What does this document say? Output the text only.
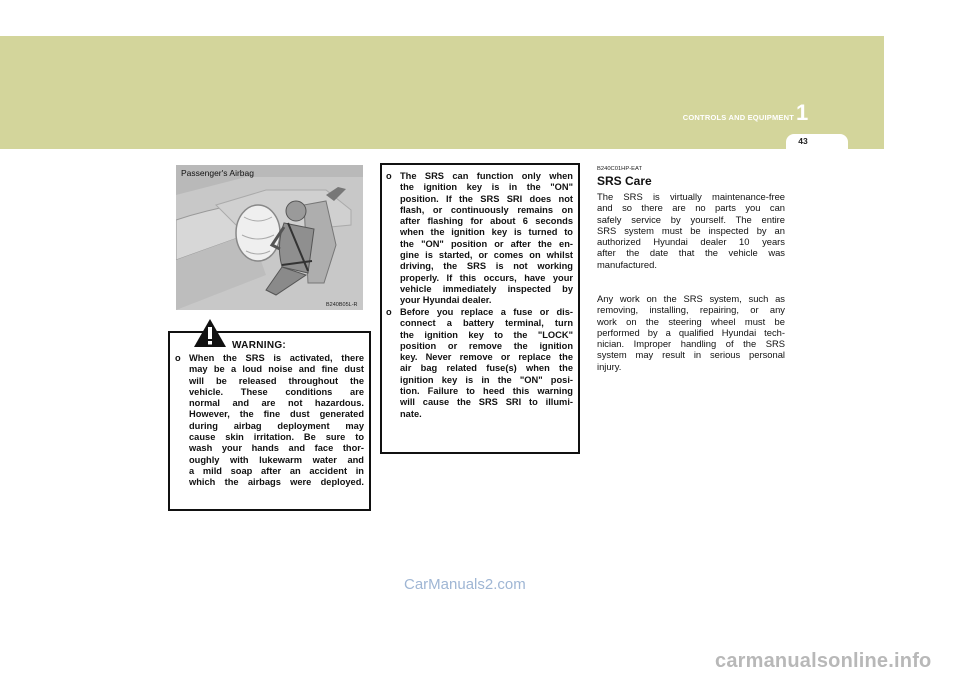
CONTROLS AND EQUIPMENT 1
43
Passenger's Airbag
B240B05L-R
WARNING:
o When the SRS is activated, there
may be a loud noise and fine dust
will be released throughout the
vehicle. These conditions are
normal and are not hazardous.
However, the fine dust generated
during airbag deployment may
cause skin irritation. Be sure to
wash your hands and face thor-
oughly with lukewarm water and
a mild soap after an accident in
which the airbags were deployed.
o The SRS can function only when
the ignition key is in the "ON"
position. If the SRS SRI does not
flash, or continuously remains on
after flashing for about 6 seconds
when the ignition key is turned to
the "ON" position or after the en-
gine is started, or comes on whilst
driving, the SRS is not working
properly. If this occurs, have your
vehicle immediately inspected by
your Hyundai dealer.
o Before you replace a fuse or dis-
connect a battery terminal, turn
the ignition key to the "LOCK"
position or remove the ignition
key. Never remove or replace the
air bag related fuse(s) when the
ignition key is in the "ON" posi-
tion. Failure to heed this warning
will cause the SRS SRI to illumi-
nate.
B240C01HP-EAT
SRS Care
The SRS is virtually maintenance-free
and so there are no parts you can
safely service by yourself. The entire
SRS system must be inspected by an
authorized Hyundai dealer 10 years
after the date that the vehicle was
manufactured.
Any work on the SRS system, such as
removing, installing, repairing, or any
work on the steering wheel must be
performed by a qualified Hyundai tech-
nician. Improper handling of the SRS
system may result in serious personal
injury.
CarManuals2.com
carmanualsonline.info
